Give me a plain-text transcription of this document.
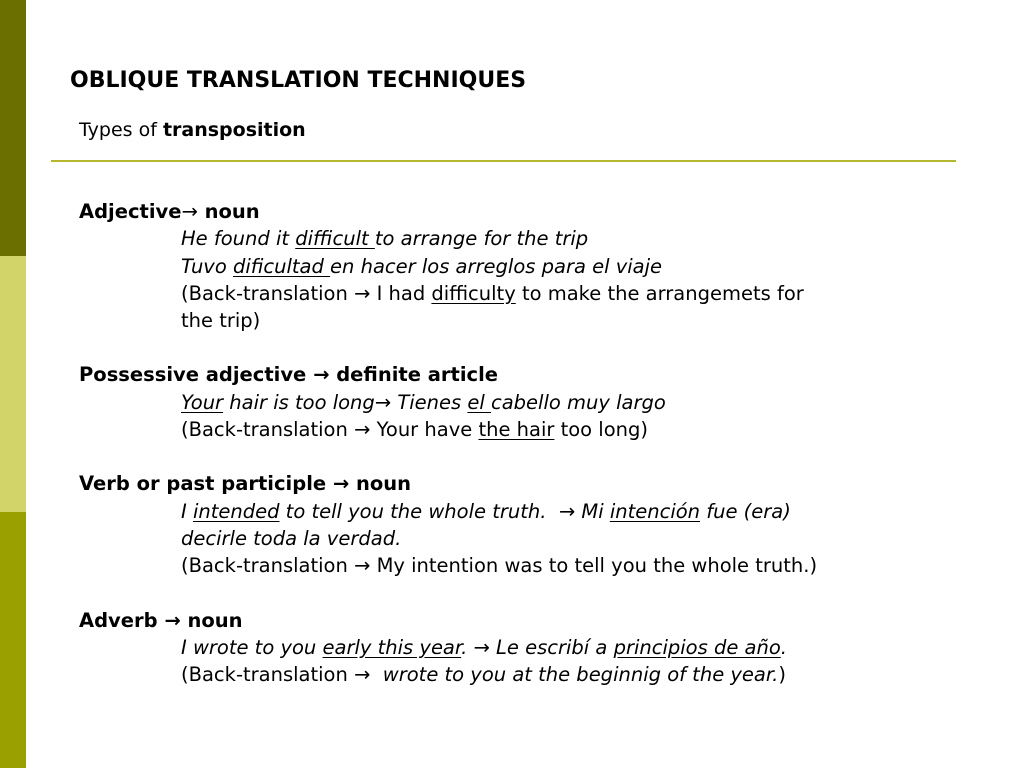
OBLIQUE TRANSLATION TECHNIQUES

Types of transposition

Adjective→ noun

He found it difficult to arrange for the trip

Tuvo dificultad en hacer los arreglos para el viaje

(Back-translation → I had difficulty to make the arrangemets for

the trip)

Possessive adjective → definite article

Your hair is too long→ Tienes el cabello muy largo

(Back-translation → Your have the hair too long)

Verb or past participle → noun

I intended to tell you the whole truth.  → Mi intención fue (era)

decirle toda la verdad.

(Back-translation → My intention was to tell you the whole truth.)

Adverb → noun

I wrote to you early this year. → Le escribí a principios de año.

(Back-translation →  wrote to you at the beginnig of the year.)
